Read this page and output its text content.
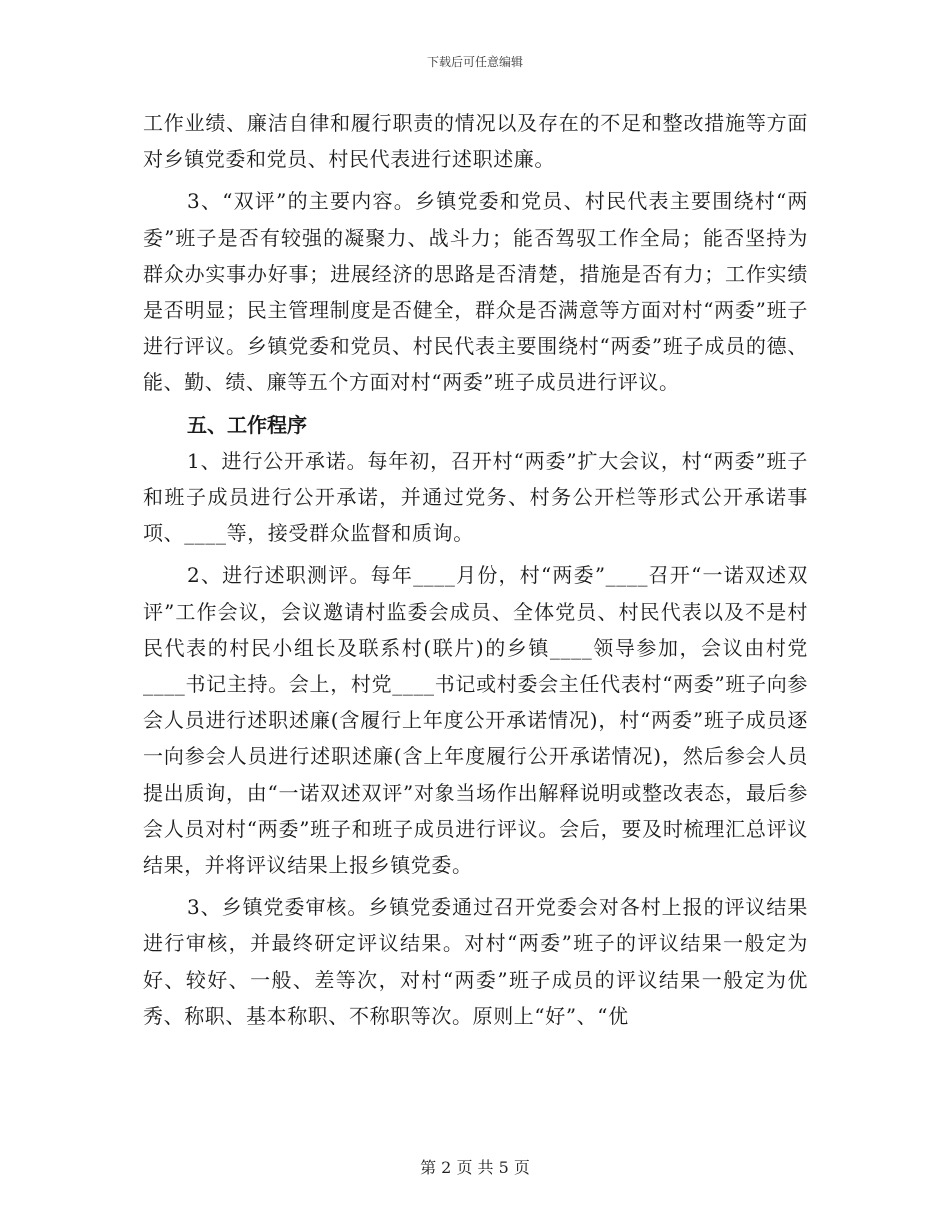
下载后可任意编辑

工作业绩、廉洁自律和履行职责的情况以及存在的不足和整改措施等方面对乡镇党委和党员、村民代表进行述职述廉。

3、“双评”的主要内容。乡镇党委和党员、村民代表主要围绕村“两委”班子是否有较强的凝聚力、战斗力；能否驾驭工作全局；能否坚持为群众办实事办好事；进展经济的思路是否清楚，措施是否有力；工作实绩是否明显；民主管理制度是否健全，群众是否满意等方面对村“两委”班子进行评议。乡镇党委和党员、村民代表主要围绕村“两委”班子成员的德、能、勤、绩、廉等五个方面对村“两委”班子成员进行评议。

五、工作程序

1、进行公开承诺。每年初，召开村“两委”扩大会议，村“两委”班子和班子成员进行公开承诺，并通过党务、村务公开栏等形式公开承诺事项、____等，接受群众监督和质询。

2、进行述职测评。每年____月份，村“两委”____召开“一诺双述双评”工作会议，会议邀请村监委会成员、全体党员、村民代表以及不是村民代表的村民小组长及联系村(联片)的乡镇____领导参加，会议由村党____书记主持。会上，村党____书记或村委会主任代表村“两委”班子向参会人员进行述职述廉(含履行上年度公开承诺情况)，村“两委”班子成员逐一向参会人员进行述职述廉(含上年度履行公开承诺情况)，然后参会人员提出质询，由“一诺双述双评”对象当场作出解释说明或整改表态，最后参会人员对村“两委”班子和班子成员进行评议。会后，要及时梳理汇总评议结果，并将评议结果上报乡镇党委。

3、乡镇党委审核。乡镇党委通过召开党委会对各村上报的评议结果进行审核，并最终研定评议结果。对村“两委”班子的评议结果一般定为好、较好、一般、差等次，对村“两委”班子成员的评议结果一般定为优秀、称职、基本称职、不称职等次。原则上“好”、“优

第 2 页 共 5 页
